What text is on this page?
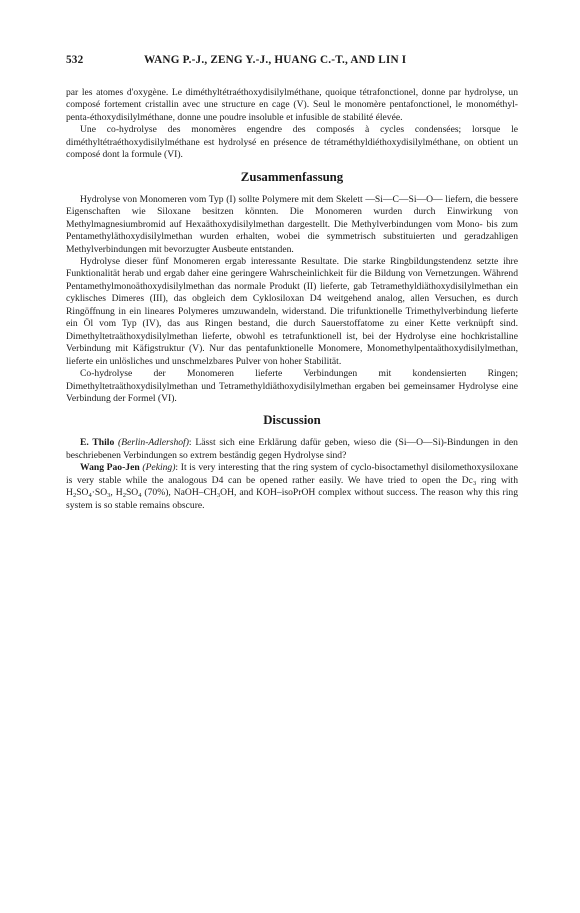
532	WANG P.-J., ZENG Y.-J., HUANG C.-T., AND LIN I

par les atomes d'oxygène. Le diméthyltétraéthoxydisilylméthane, quoique tétrafonctionel, donne par hydrolyse, un composé fortement cristallin avec une structure en cage (V). Seul le monomère pentafonctionel, le monométhyl-penta-éthoxydisilylméthane, donne une poudre insoluble et infusible de stabilité élevée.

Une co-hydrolyse des monomères engendre des composés à cycles condensées; lorsque le diméthyltétraéthoxydisilylméthane est hydrolysé en présence de tétraméthyldiéthoxydisilylméthane, on obtient un composé dont la formule (VI).

Zusammenfassung

Hydrolyse von Monomeren vom Typ (I) sollte Polymere mit dem Skelett —Si—C—Si—O— liefern, die bessere Eigenschaften wie Siloxane besitzen könnten. Die Monomeren wurden durch Einwirkung von Methylmagnesiumbromid auf Hexaäthoxydisilylmethan dargestellt. Die Methylverbindungen vom Mono- bis zum Pentamethyläthoxydisilylmethan wurden erhalten, wobei die symmetrisch substituierten und geradzahligen Methylverbindungen mit bevorzugter Ausbeute entstanden.

Hydrolyse dieser fünf Monomeren ergab interessante Resultate. Die starke Ringbildungstendenz setzte ihre Funktionalität herab und ergab daher eine geringere Wahrscheinlichkeit für die Bildung von Vernetzungen. Während Pentamethylmonoäthoxydisilylmethan das normale Produkt (II) lieferte, gab Tetramethyldiäthoxydisilylmethan ein cyklisches Dimeres (III), das obgleich dem Cyklosiloxan D4 weitgehend analog, allen Versuchen, es durch Ringöffnung in ein lineares Polymeres umzuwandeln, widerstand. Die trifunktionelle Trimethylverbindung lieferte ein Öl vom Typ (IV), das aus Ringen bestand, die durch Sauerstoffatome zu einer Kette verknüpft sind. Dimethyltetraäthoxydisilylmethan lieferte, obwohl es tetrafunktionell ist, bei der Hydrolyse eine hochkristalline Verbindung mit Käfigstruktur (V). Nur das pentafunktionelle Monomere, Monomethylpentaäthoxydisilylmethan, lieferte ein unlösliches und unschmelzbares Pulver von hoher Stabilität.

Co-hydrolyse der Monomeren lieferte Verbindungen mit kondensierten Ringen; Dimethyltetraäthoxydisilylmethan und Tetramethyldiäthoxydisilylmethan ergaben bei gemeinsamer Hydrolyse eine Verbindung der Formel (VI).

Discussion

E. Thilo (Berlin-Adlershof): Lässt sich eine Erklärung dafür geben, wieso die (Si—O—Si)-Bindungen in den beschriebenen Verbindungen so extrem beständig gegen Hydrolyse sind?

Wang Pao-Jen (Peking): It is very interesting that the ring system of cyclo-bisoctamethyl disilomethoxysiloxane is very stable while the analogous D4 can be opened rather easily. We have tried to open the $Dc_3$ ring with $H_2SO_4\cdot SO_3$, $H_2SO_4$ (70%), NaOH–$CH_3OH$, and KOH–isoPrOH complex without success. The reason why this ring system is so stable remains obscure.
